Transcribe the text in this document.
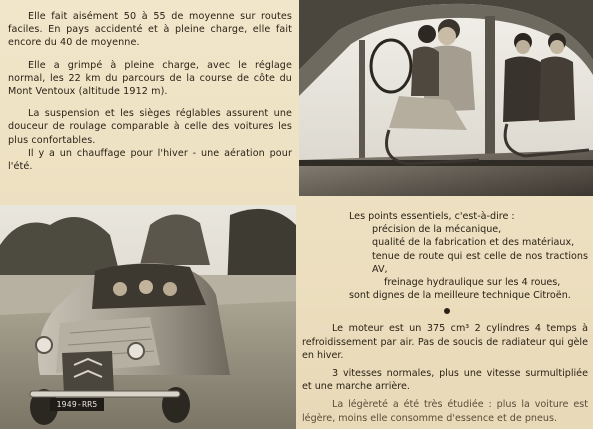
Elle fait aisément 50 à 55 de moyenne sur routes faciles. En pays accidenté et à pleine charge, elle fait encore du 40 de moyenne.

Elle a grimpé à pleine charge, avec le réglage normal, les 22 km du parcours de la course de côte du Mont Ventoux (altitude 1912 m).

La suspension et les sièges réglables assurent une douceur de roulage comparable à celle des voitures les plus confortables.

Il y a un chauffage pour l'hiver - une aération pour l'été.

1949-RR5
Les points essentiels, c'est-à-dire :
précision de la mécanique,
qualité de la fabrication et des matériaux,
tenue de route qui est celle de nos tractions AV,
freinage hydraulique sur les 4 roues,
sont dignes de la meilleure technique Citroën.

Le moteur est un 375 cm³ 2 cylindres 4 temps à refroidissement par air. Pas de soucis de radiateur qui gèle en hiver.

3 vitesses normales, plus une vitesse surmultipliée et une marche arrière.

La légèreté a été très étudiée : plus la voiture est légère, moins elle consomme d'essence et de pneus.
